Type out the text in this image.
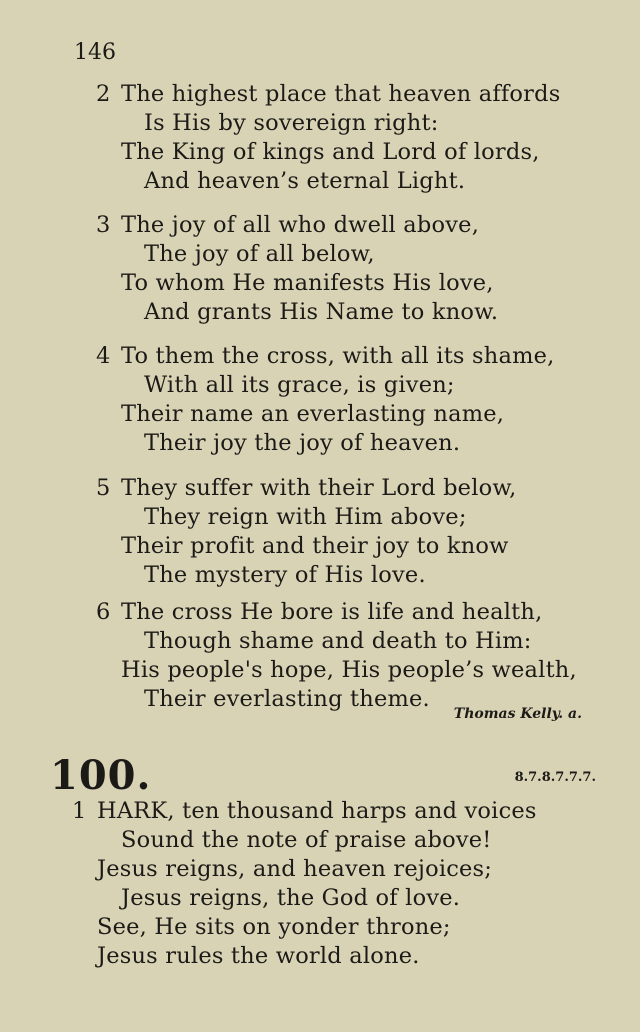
146
2 The highest place that heaven affords
Is His by sovereign right:
The King of kings and Lord of lords,
And heaven’s eternal Light.
3 The joy of all who dwell above,
The joy of all below,
To whom He manifests His love,
And grants His Name to know.
4 To them the cross, with all its shame,
With all its grace, is given;
Their name an everlasting name,
Their joy the joy of heaven.
5 They suffer with their Lord below,
They reign with Him above;
Their profit and their joy to know
The mystery of His love.
6 The cross He bore is life and health,
Though shame and death to Him:
His people's hope, His people’s wealth,
Their everlasting theme.
Thomas Kelly. a.
100.	8.7.8.7.7.7.
1 HARK, ten thousand harps and voices
Sound the note of praise above!
Jesus reigns, and heaven rejoices;
Jesus reigns, the God of love.
See, He sits on yonder throne;
Jesus rules the world alone.
